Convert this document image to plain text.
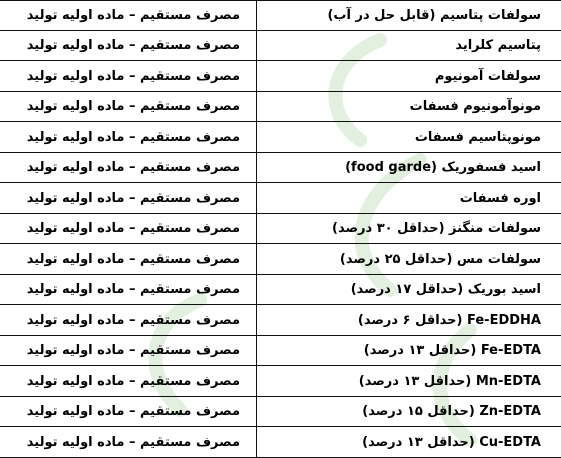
سولفات پتاسیم (قابل حل در آب)
مصرف مستقیم – ماده اولیه تولید
پتاسیم کلراید
مصرف مستقیم – ماده اولیه تولید
سولفات آمونیوم
مصرف مستقیم – ماده اولیه تولید
مونوآمونیوم فسفات
مصرف مستقیم – ماده اولیه تولید
مونوپتاسیم فسفات
مصرف مستقیم – ماده اولیه تولید
اسید فسفوریک (food garde)
مصرف مستقیم – ماده اولیه تولید
اوره فسفات
مصرف مستقیم – ماده اولیه تولید
سولفات منگنز (حداقل ۳۰ درصد)
مصرف مستقیم – ماده اولیه تولید
سولفات مس (حداقل ۲۵ درصد)
مصرف مستقیم – ماده اولیه تولید
اسید بوریک (حداقل ۱۷ درصد)
مصرف مستقیم – ماده اولیه تولید
Fe-EDDHA (حداقل ۶ درصد)
مصرف مستقیم – ماده اولیه تولید
Fe-EDTA (حداقل ۱۳ درصد)
مصرف مستقیم – ماده اولیه تولید
Mn-EDTA (حداقل ۱۳ درصد)
مصرف مستقیم – ماده اولیه تولید
Zn-EDTA (حداقل ۱۵ درصد)
مصرف مستقیم – ماده اولیه تولید
Cu-EDTA (حداقل ۱۳ درصد)
مصرف مستقیم – ماده اولیه تولید
